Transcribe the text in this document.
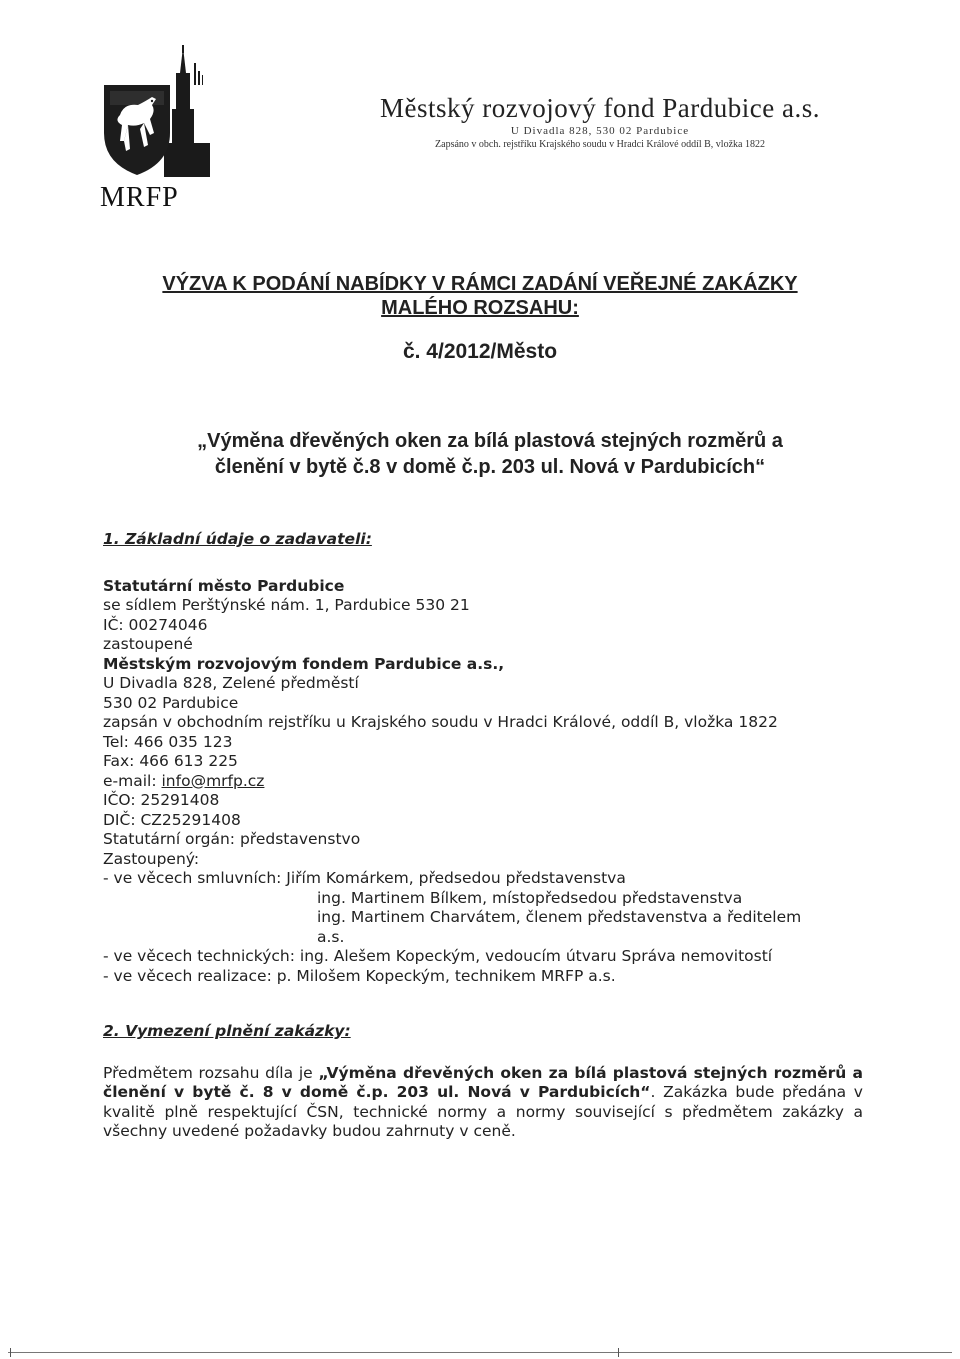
MRFP
Městský rozvojový fond Pardubice a.s.
U Divadla 828, 530 02 Pardubice
Zapsáno v obch. rejstříku Krajského soudu v Hradci Králové oddíl B, vložka 1822
VÝZVA K PODÁNÍ NABÍDKY V RÁMCI ZADÁNÍ VEŘEJNÉ ZAKÁZKY
MALÉHO ROZSAHU:
č. 4/2012/Město
„Výměna dřevěných oken za bílá plastová stejných rozměrů a
členění v bytě č.8 v domě č.p. 203 ul. Nová v Pardubicích“
1. Základní údaje o zadavateli:
Statutární město Pardubice
se sídlem Perštýnské nám. 1, Pardubice 530 21
IČ: 00274046
zastoupené
Městským rozvojovým fondem Pardubice a.s.,
U Divadla 828, Zelené předměstí
530 02 Pardubice
zapsán v obchodním rejstříku u Krajského soudu v Hradci Králové, oddíl B, vložka 1822
Tel: 466 035 123
Fax: 466 613 225
e-mail: info@mrfp.cz
IČO: 25291408
DIČ: CZ25291408
Statutární orgán: představenstvo
Zastoupený:
- ve věcech smluvních: Jiřím Komárkem, předsedou představenstva
ing. Martinem Bílkem, místopředsedou představenstva
ing. Martinem Charvátem, členem představenstva a ředitelem
a.s.
- ve věcech technických: ing. Alešem Kopeckým, vedoucím útvaru Správa nemovitostí
- ve věcech realizace: p. Milošem Kopeckým, technikem MRFP a.s.
2. Vymezení plnění zakázky:
Předmětem rozsahu díla je „Výměna dřevěných oken za bílá plastová stejných rozměrů a členění v bytě č. 8 v domě č.p. 203 ul. Nová v Pardubicích“. Zakázka bude předána v kvalitě plně respektující ČSN, technické normy a normy související s předmětem zakázky a všechny uvedené požadavky budou zahrnuty v ceně.
